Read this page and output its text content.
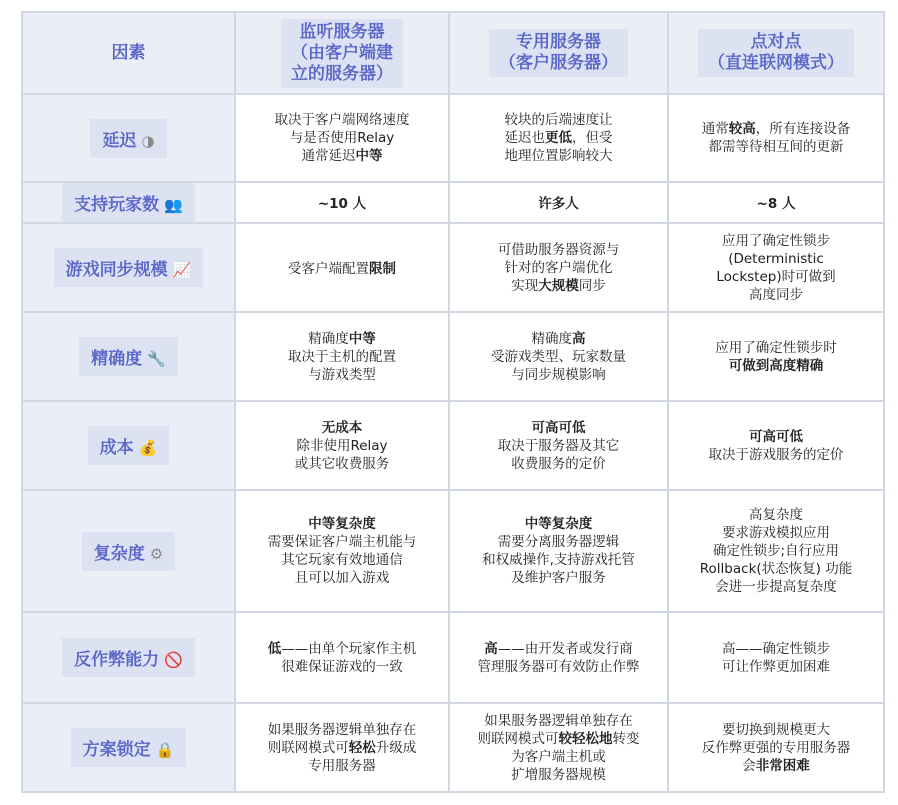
因素	监听服务器
（由客户端建
立的服务器）	专用服务器
（客户服务器）	点对点
（直连联网模式）

延迟 ◑	取决于客户端网络速度
与是否使用Relay
通常延迟中等	较块的后端速度让
延迟也更低，但受
地理位置影响较大	通常较高，所有连接设备
都需等待相互间的更新

支持玩家数 👥	~10 人	许多人	~8 人

游戏同步规模 📈	受客户端配置限制	可借助服务器资源与
针对的客户端优化
实现大规模同步	应用了确定性锁步
(Deterministic
Lockstep)时可做到
高度同步

精确度 🔧	精确度中等
取决于主机的配置
与游戏类型	精确度高
受游戏类型、玩家数量
与同步规模影响	应用了确定性锁步时
可做到高度精确

成本 💰	无成本
除非使用Relay
或其它收费服务	可高可低
取决于服务器及其它
收费服务的定价	可高可低
取决于游戏服务的定价

复杂度 ⚙	中等复杂度
需要保证客户端主机能与
其它玩家有效地通信
且可以加入游戏	中等复杂度
需要分离服务器逻辑
和权威操作,支持游戏托管
及维护客户服务	高复杂度
要求游戏模拟应用
确定性锁步;自行应用
Rollback(状态恢复) 功能
会进一步提高复杂度

反作弊能力 🚫	低——由单个玩家作主机
很难保证游戏的一致	高——由开发者或发行商
管理服务器可有效防止作弊	高——确定性锁步
可让作弊更加困难

方案锁定 🔒	如果服务器逻辑单独存在
则联网模式可轻松升级成
专用服务器	如果服务器逻辑单独存在
则联网模式可较轻松地转变
为客户端主机或
扩增服务器规模	要切换到规模更大
反作弊更强的专用服务器
会非常困难
